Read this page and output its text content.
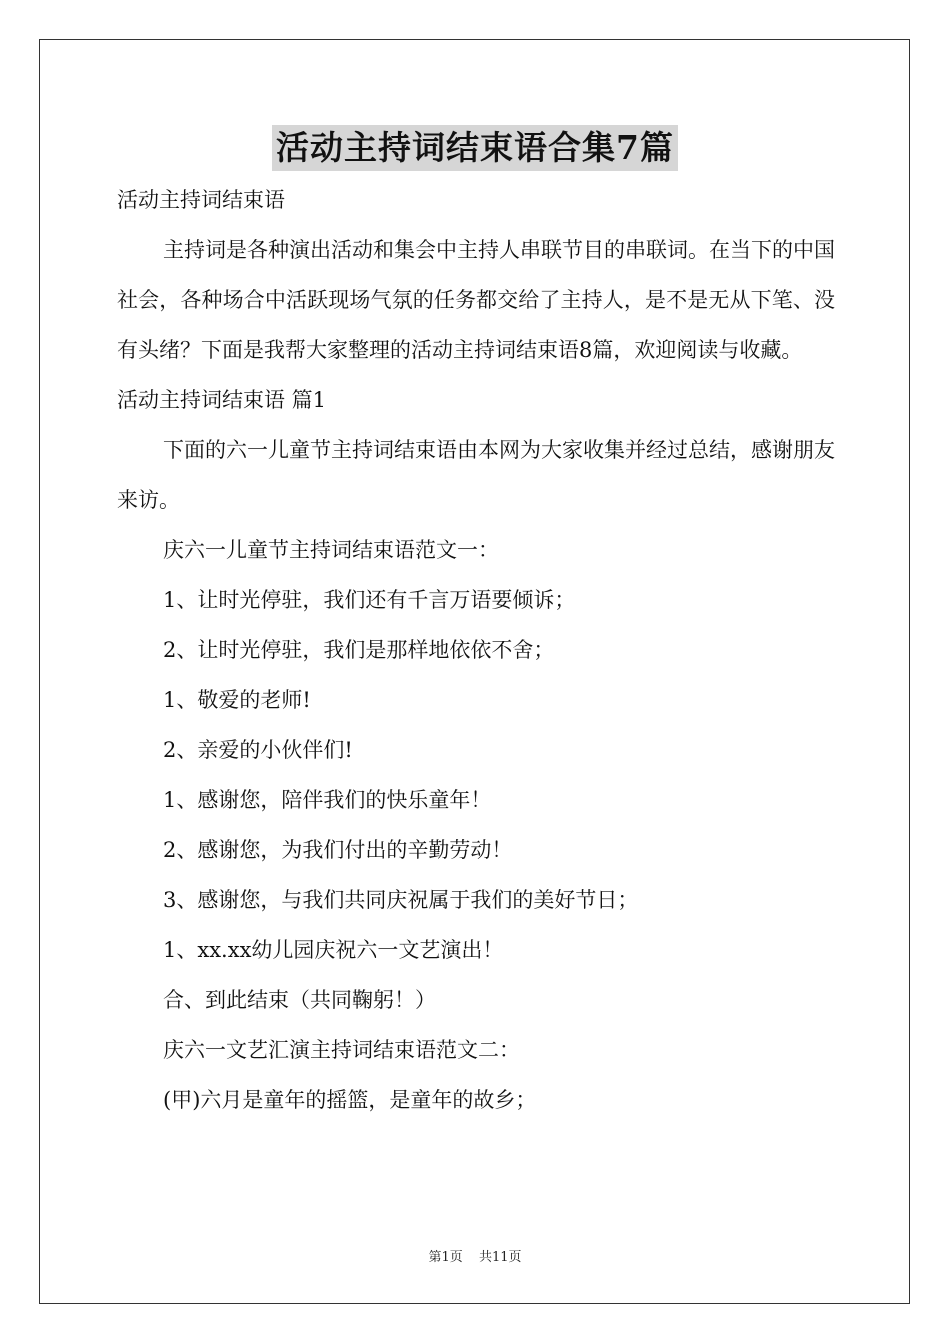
活动主持词结束语合集7篇

活动主持词结束语

主持词是各种演出活动和集会中主持人串联节目的串联词。在当下的中国社会，各种场合中活跃现场气氛的任务都交给了主持人，是不是无从下笔、没有头绪？下面是我帮大家整理的活动主持词结束语8篇，欢迎阅读与收藏。

活动主持词结束语 篇1

下面的六一儿童节主持词结束语由本网为大家收集并经过总结，感谢朋友来访。

庆六一儿童节主持词结束语范文一：

1、让时光停驻，我们还有千言万语要倾诉；

2、让时光停驻，我们是那样地依依不舍；

1、敬爱的老师!

2、亲爱的小伙伴们!

1、感谢您，陪伴我们的快乐童年！

2、感谢您，为我们付出的辛勤劳动！

3、感谢您，与我们共同庆祝属于我们的美好节日；

1、xx.xx幼儿园庆祝六一文艺演出！

合、到此结束（共同鞠躬！）

庆六一文艺汇演主持词结束语范文二：

(甲)六月是童年的摇篮，是童年的故乡；

第1页 共11页
